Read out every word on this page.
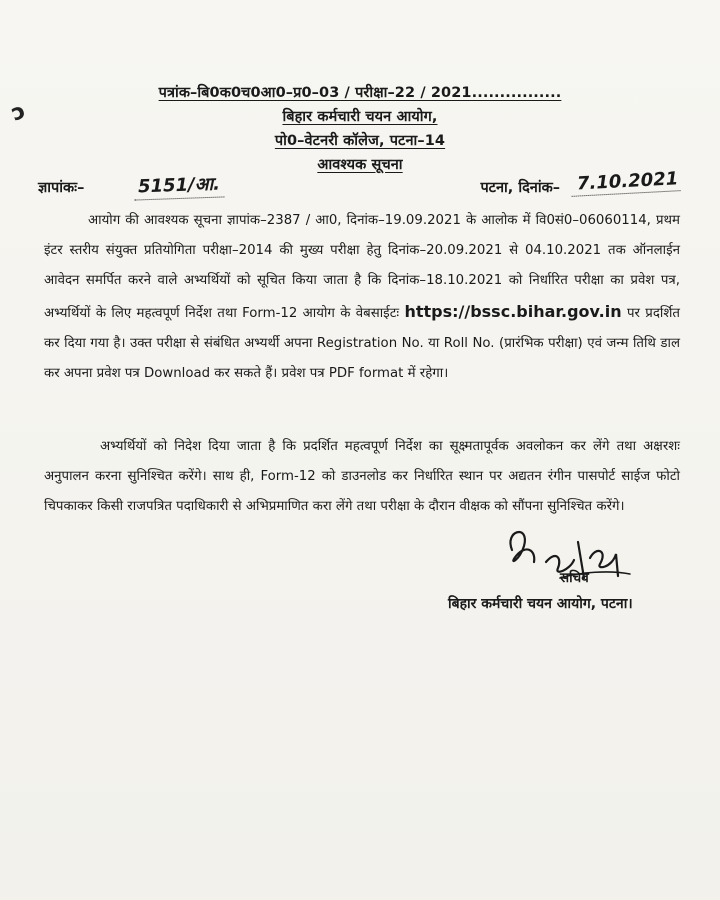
ɔ
पत्रांक–बि0क0च0आ0–प्र0–03 / परीक्षा–22 / 2021................
बिहार कर्मचारी चयन आयोग,
पो0–वेटनरी कॉलेज, पटना–14
आवश्यक सूचना
ज्ञापांकः–	5151/आ.	पटना, दिनांक– 7.10.2021
आयोग की आवश्यक सूचना ज्ञापांक–2387 / आ0, दिनांक–19.09.2021 के आलोक में वि0सं0–06060114, प्रथम इंटर स्तरीय संयुक्त प्रतियोगिता परीक्षा–2014 की मुख्य परीक्षा हेतु दिनांक–20.09.2021 से 04.10.2021 तक ऑनलाईन आवेदन समर्पित करने वाले अभ्यर्थियों को सूचित किया जाता है कि दिनांक–18.10.2021 को निर्धारित परीक्षा का प्रवेश पत्र, अभ्यर्थियों के लिए महत्वपूर्ण निर्देश तथा Form-12 आयोग के वेबसाईटः https://bssc.bihar.gov.in पर प्रदर्शित कर दिया गया है। उक्त परीक्षा से संबंधित अभ्यर्थी अपना Registration No. या Roll No. (प्रारंभिक परीक्षा) एवं जन्म तिथि डाल कर अपना प्रवेश पत्र Download कर सकते हैं। प्रवेश पत्र PDF format में रहेगा।
अभ्यर्थियों को निदेश दिया जाता है कि प्रदर्शित महत्वपूर्ण निर्देश का सूक्ष्मतापूर्वक अवलोकन कर लेंगे तथा अक्षरशः अनुपालन करना सुनिश्चित करेंगे। साथ ही, Form-12 को डाउनलोड कर निर्धारित स्थान पर अद्यतन रंगीन पासपोर्ट साईज फोटो चिपकाकर किसी राजपत्रित पदाधिकारी से अभिप्रमाणित करा लेंगे तथा परीक्षा के दौरान वीक्षक को सौंपना सुनिश्चित करेंगे।
सचिव
बिहार कर्मचारी चयन आयोग, पटना।
